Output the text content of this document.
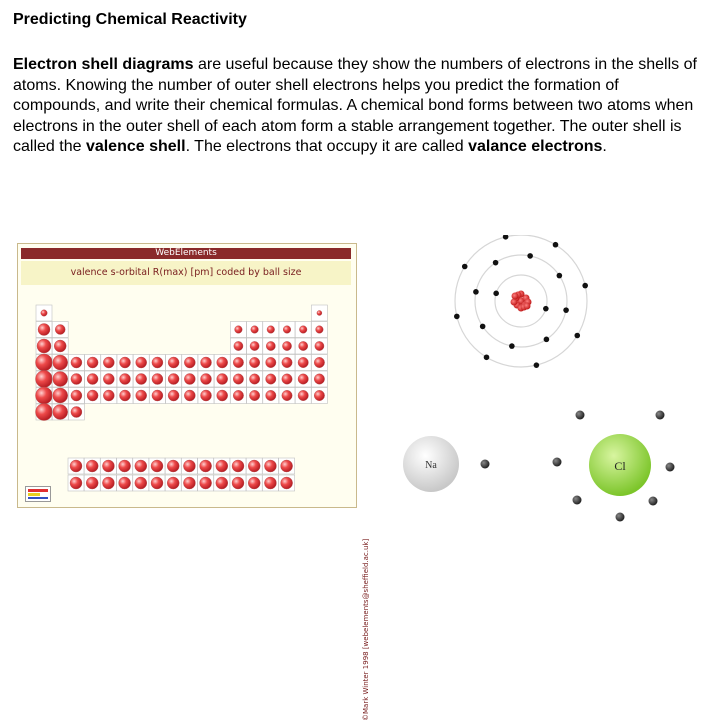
Predicting Chemical Reactivity
Electron shell diagrams are useful because they show the numbers of electrons in the shells of atoms. Knowing the number of outer shell electrons helps you predict the formation of compounds, and write their chemical formulas. A chemical bond forms between two atoms when electrons in the outer shell of each atom form a stable arrangement together. The outer shell is called the valence shell. The electrons that occupy it are called valance electrons.
WebElements
valence s-orbital R(max) [pm] coded by ball size
©Mark Winter 1998 [webelements@sheffield.ac.uk]
Na	Cl
